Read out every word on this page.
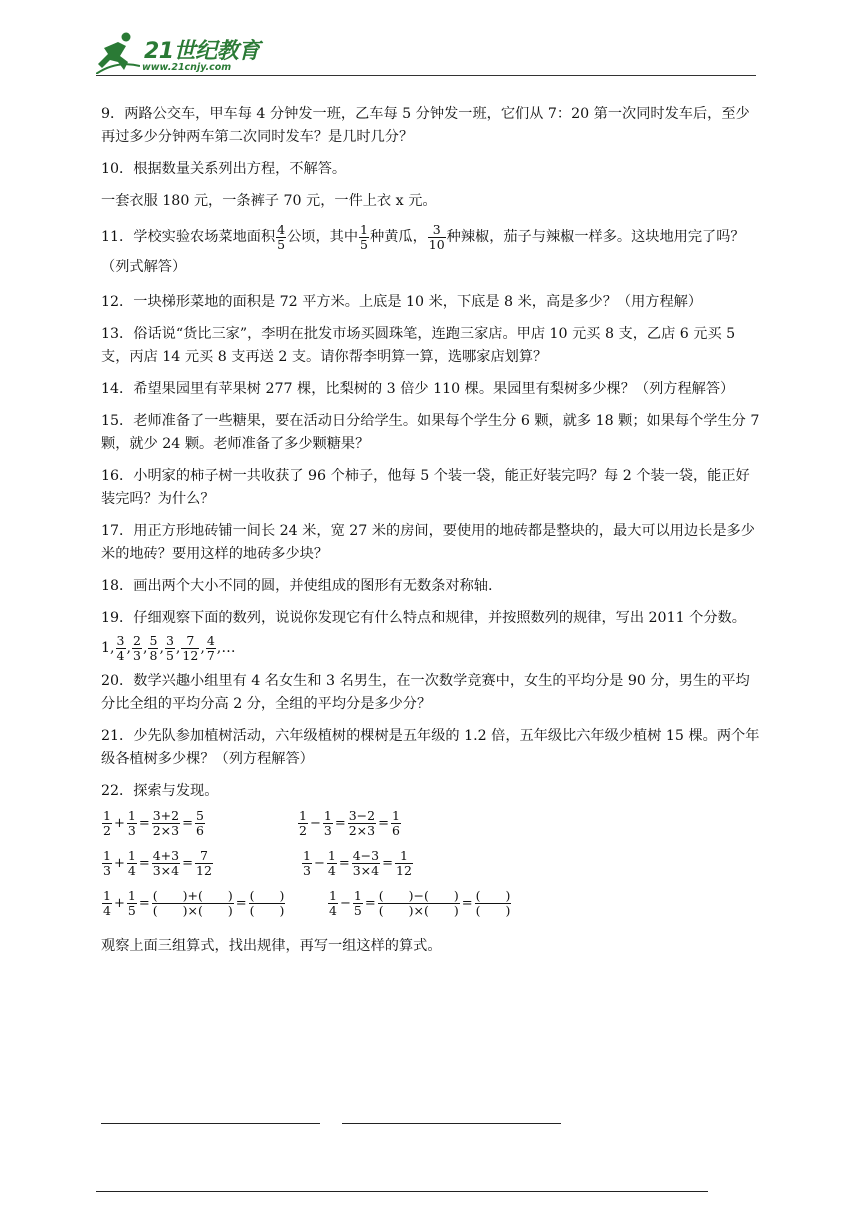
21世纪教育
www.21cnjy.com

9．两路公交车，甲车每 4 分钟发一班，乙车每 5 分钟发一班，它们从 7：20 第一次同时发车后，至少再过多少分钟两车第二次同时发车？是几时几分？

10．根据数量关系列出方程，不解答。

一套衣服 180 元，一条裤子 70 元，一件上衣 x 元。

11．学校实验农场菜地面积 $\frac{4}{5}$ 公顷，其中 $\frac{1}{5}$ 种黄瓜， $\frac{3}{10}$ 种辣椒，茄子与辣椒一样多。这块地用完了吗？（列式解答）

12．一块梯形菜地的面积是 72 平方米。上底是 10 米，下底是 8 米，高是多少？（用方程解）

13．俗话说“货比三家”，李明在批发市场买圆珠笔，连跑三家店。甲店 10 元买 8 支，乙店 6 元买 5 支，丙店 14 元买 8 支再送 2 支。请你帮李明算一算，选哪家店划算？

14．希望果园里有苹果树 277 棵，比梨树的 3 倍少 110 棵。果园里有梨树多少棵？（列方程解答）

15．老师准备了一些糖果，要在活动日分给学生。如果每个学生分 6 颗，就多 18 颗；如果每个学生分 7 颗，就少 24 颗。老师准备了多少颗糖果？

16．小明家的柿子树一共收获了 96 个柿子，他每 5 个装一袋，能正好装完吗？每 2 个装一袋，能正好装完吗？为什么？

17．用正方形地砖铺一间长 24 米，宽 27 米的房间，要使用的地砖都是整块的，最大可以用边长是多少米的地砖？要用这样的地砖多少块？

18．画出两个大小不同的圆，并使组成的图形有无数条对称轴.

19．仔细观察下面的数列，说说你发现它有什么特点和规律，并按照数列的规律，写出 2011 个分数。

1, $\frac{3}{4}$ , $\frac{2}{3}$ , $\frac{5}{8}$ , $\frac{3}{5}$ , $\frac{7}{12}$ , $\frac{4}{7}$ ,…

20．数学兴趣小组里有 4 名女生和 3 名男生，在一次数学竞赛中，女生的平均分是 90 分，男生的平均分比全组的平均分高 2 分，全组的平均分是多少分？

21．少先队参加植树活动，六年级植树的棵树是五年级的 1.2 倍，五年级比六年级少植树 15 棵。两个年级各植树多少棵？（列方程解答）

22．探索与发现。

$\frac{1}{2} + \frac{1}{3} = \frac{3+2}{2\times 3} = \frac{5}{6}$	$\frac{1}{2} - \frac{1}{3} = \frac{3-2}{2\times 3} = \frac{1}{6}$
$\frac{1}{3} + \frac{1}{4} = \frac{4+3}{3\times 4} = \frac{7}{12}$	$\frac{1}{3} - \frac{1}{4} = \frac{4-3}{3\times 4} = \frac{1}{12}$
$\frac{1}{4} + \frac{1}{5} = \frac{( )+( )}{( )\times( )} = \frac{( )}{( )}$	$\frac{1}{4} - \frac{1}{5} = \frac{( )-( )}{( )\times( )} = \frac{( )}{( )}$

观察上面三组算式，找出规律，再写一组这样的算式。
